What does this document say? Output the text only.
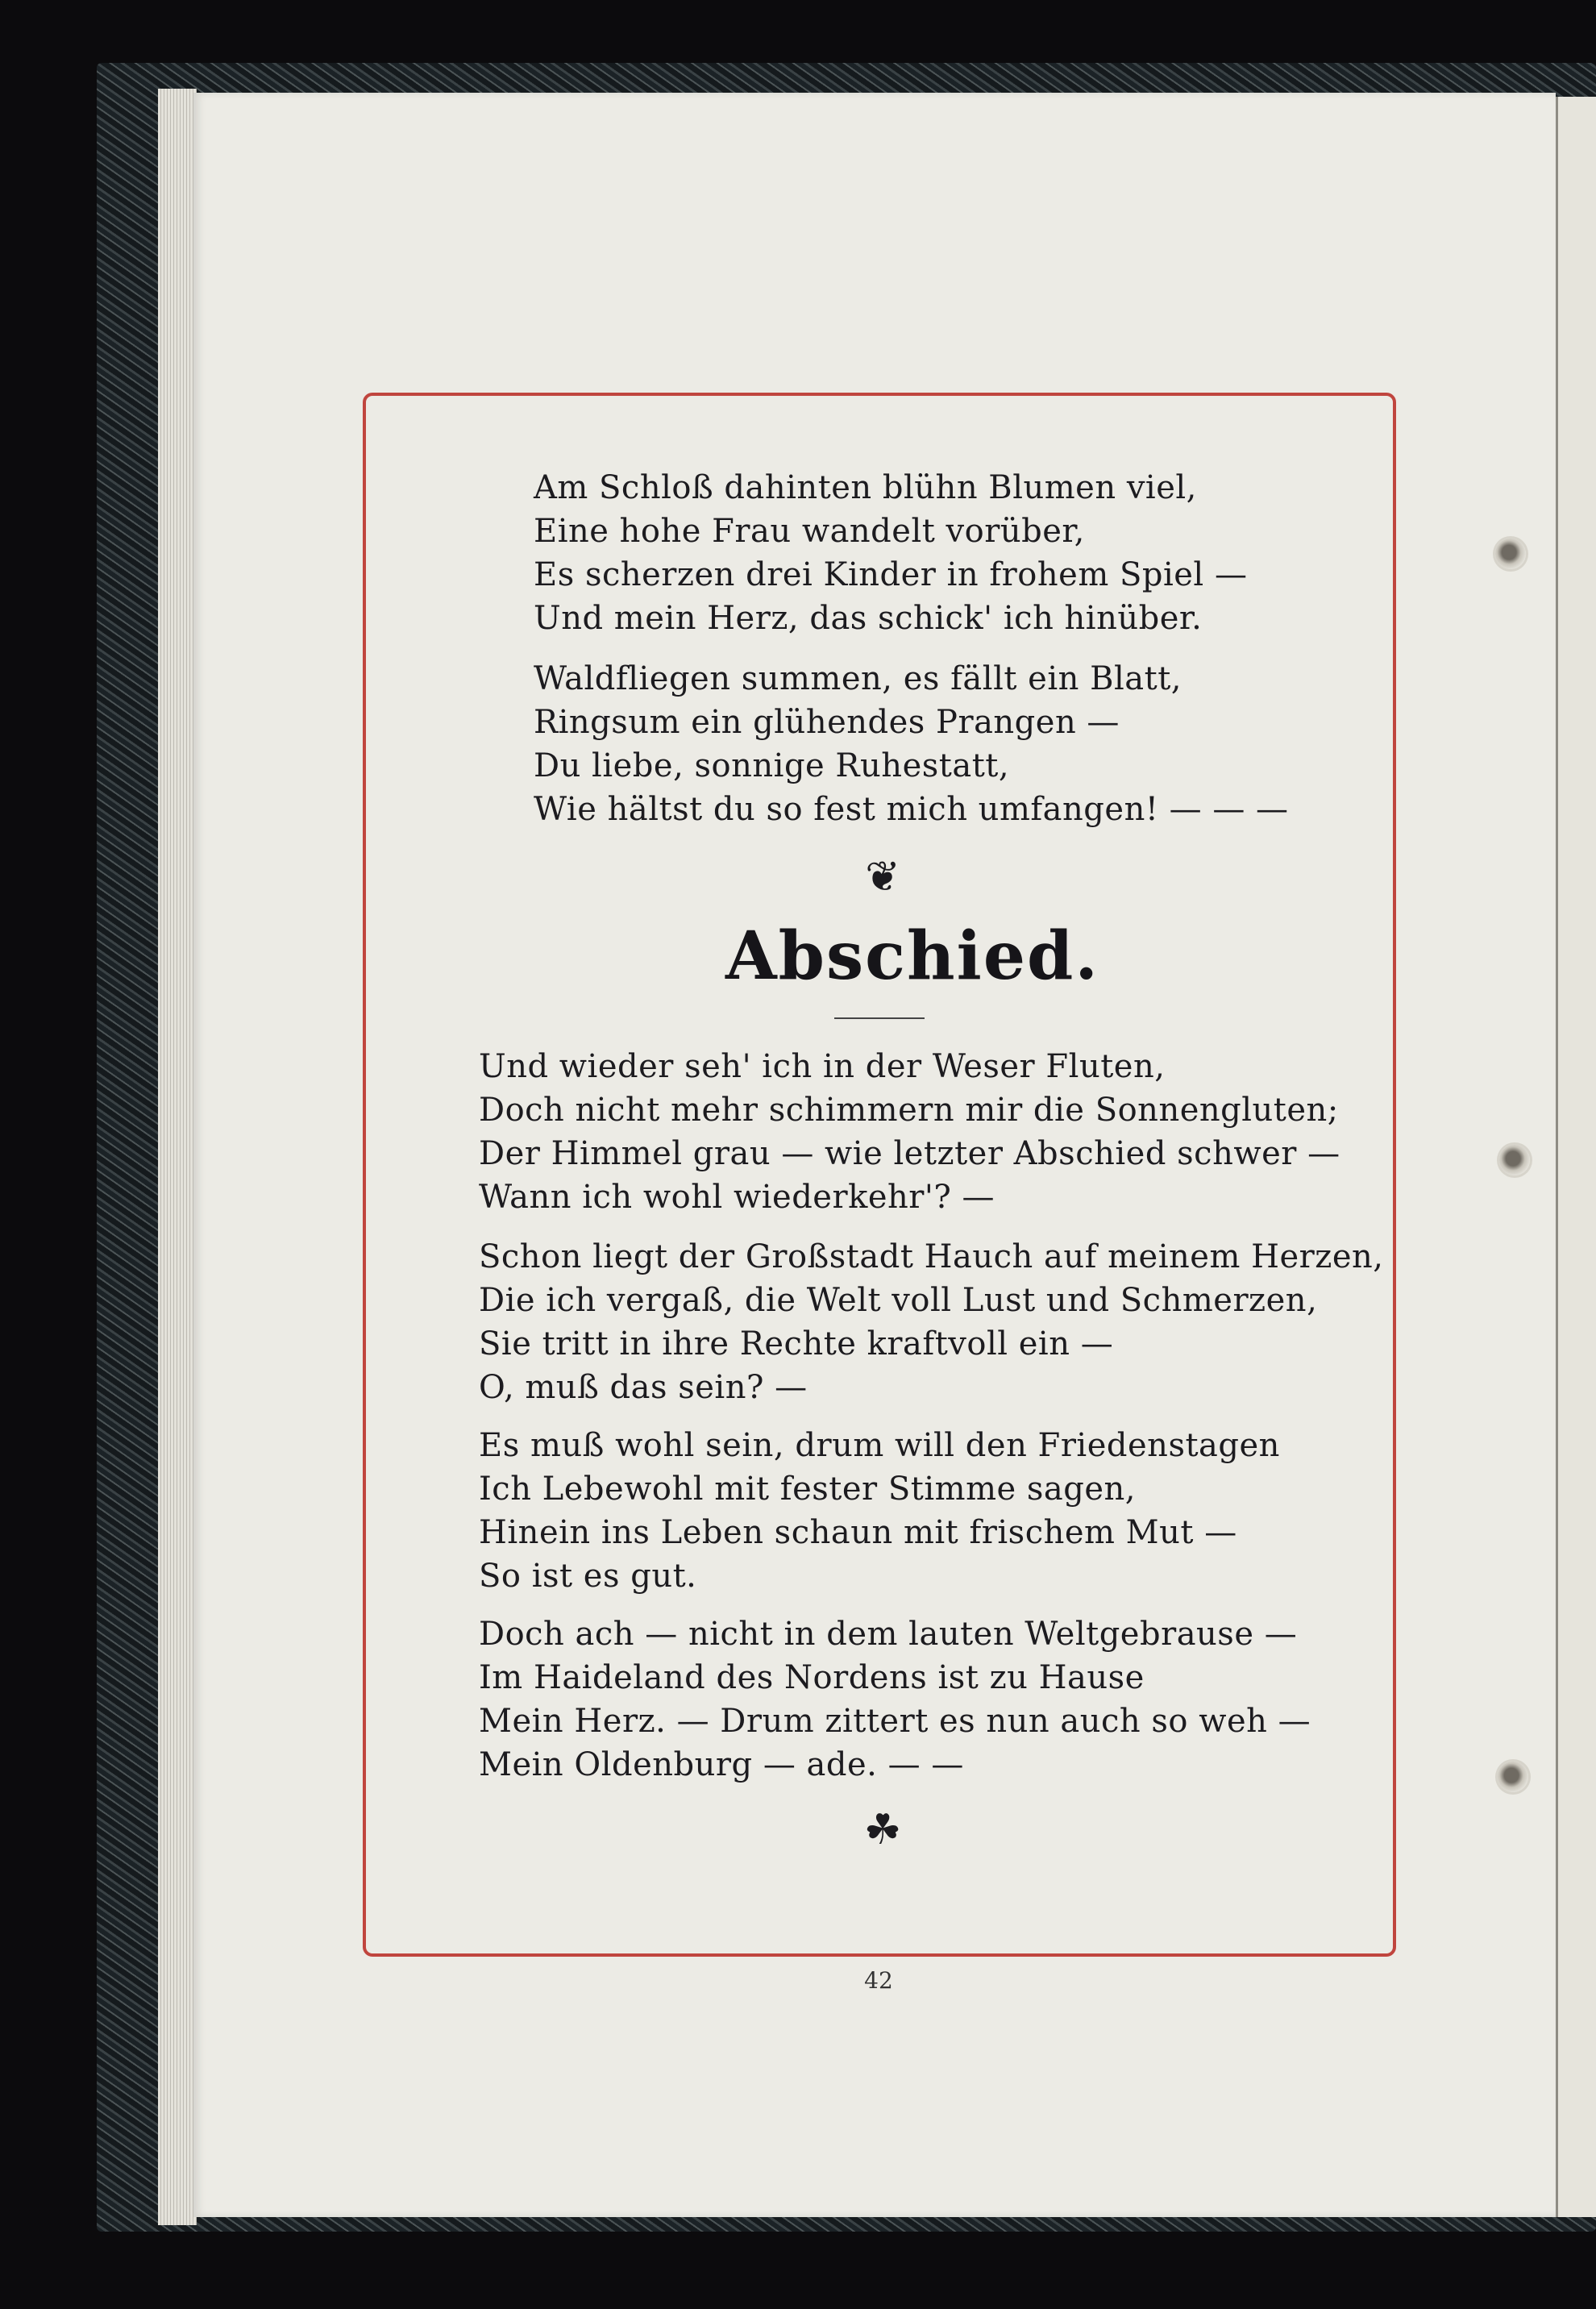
Am Schloß dahinten blühn Blumen viel,
Eine hohe Frau wandelt vorüber,
Es scherzen drei Kinder in frohem Spiel —
Und mein Herz, das schick' ich hinüber.
Waldfliegen summen, es fällt ein Blatt,
Ringsum ein glühendes Prangen —
Du liebe, sonnige Ruhestatt,
Wie hältst du so fest mich umfangen! — — —
❦
Abschied.
Und wieder seh' ich in der Weser Fluten,
Doch nicht mehr schimmern mir die Sonnengluten;
Der Himmel grau — wie letzter Abschied schwer —
Wann ich wohl wiederkehr'? —
Schon liegt der Großstadt Hauch auf meinem Herzen,
Die ich vergaß, die Welt voll Lust und Schmerzen,
Sie tritt in ihre Rechte kraftvoll ein —
O, muß das sein? —
Es muß wohl sein, drum will den Friedenstagen
Ich Lebewohl mit fester Stimme sagen,
Hinein ins Leben schaun mit frischem Mut —
So ist es gut.
Doch ach — nicht in dem lauten Weltgebrause —
Im Haideland des Nordens ist zu Hause
Mein Herz. — Drum zittert es nun auch so weh —
Mein Oldenburg — ade. — —
☘
42
